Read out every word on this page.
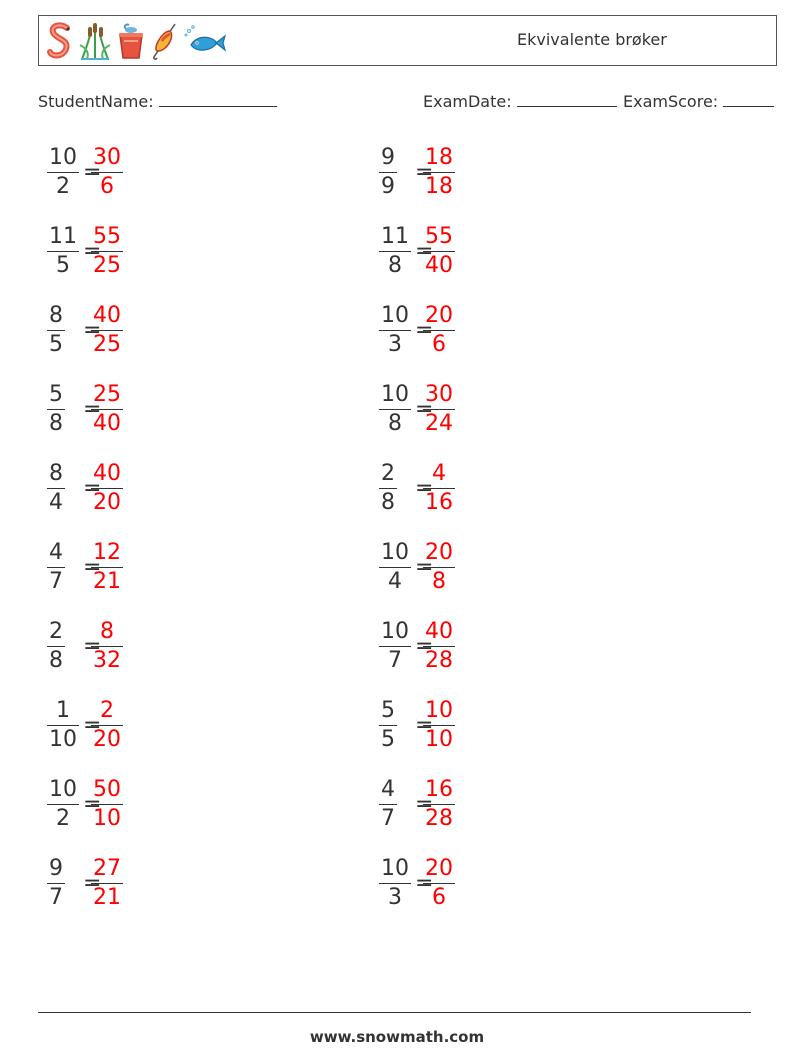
Ekvivalente brøker
StudentName:	ExamDate:	ExamScore:
$\frac{10}{2}$ =
$\frac{30}{6}$	$\frac{9}{9}$ =
$\frac{18}{18}$
$\frac{11}{5}$ =
$\frac{55}{25}$	$\frac{11}{8}$ =
$\frac{55}{40}$
$\frac{8}{5}$ =
$\frac{40}{25}$	$\frac{10}{3}$ =
$\frac{20}{6}$
$\frac{5}{8}$ =
$\frac{25}{40}$	$\frac{10}{8}$ =
$\frac{30}{24}$
$\frac{8}{4}$ =
$\frac{40}{20}$	$\frac{2}{8}$ =
$\frac{4}{16}$
$\frac{4}{7}$ =
$\frac{12}{21}$	$\frac{10}{4}$ =
$\frac{20}{8}$
$\frac{2}{8}$ =
$\frac{8}{32}$	$\frac{10}{7}$ =
$\frac{40}{28}$
$\frac{1}{10}$ =
$\frac{2}{20}$	$\frac{5}{5}$ =
$\frac{10}{10}$
$\frac{10}{2}$ =
$\frac{50}{10}$	$\frac{4}{7}$ =
$\frac{16}{28}$
$\frac{9}{7}$ =
$\frac{27}{21}$	$\frac{10}{3}$ =
$\frac{20}{6}$
www.snowmath.com
